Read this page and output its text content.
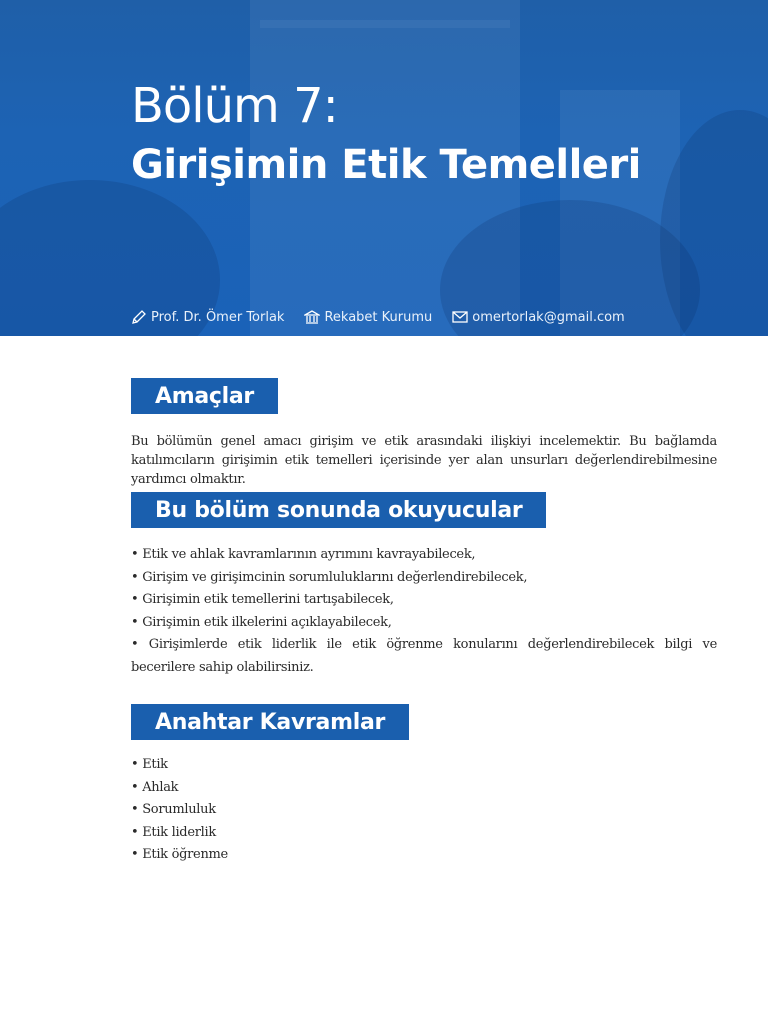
Bölüm 7:
Girişimin Etik Temelleri
Prof. Dr. Ömer Torlak	Rekabet Kurumu	omertorlak@gmail.com
Amaçlar
Bu bölümün genel amacı girişim ve etik arasındaki ilişkiyi incelemektir. Bu bağlamda katılımcıların girişimin etik temelleri içerisinde yer alan unsurları değerlendirebilmesine yardımcı olmaktır.
Bu bölüm sonunda okuyucular
• Etik ve ahlak kavramlarının ayrımını kavrayabilecek,
• Girişim ve girişimcinin sorumluluklarını değerlendirebilecek,
• Girişimin etik temellerini tartışabilecek,
• Girişimin etik ilkelerini açıklayabilecek,
• Girişimlerde etik liderlik ile etik öğrenme konularını değerlendirebilecek bilgi ve becerilere sahip olabilirsiniz.
Anahtar Kavramlar
• Etik
• Ahlak
• Sorumluluk
• Etik liderlik
• Etik öğrenme
